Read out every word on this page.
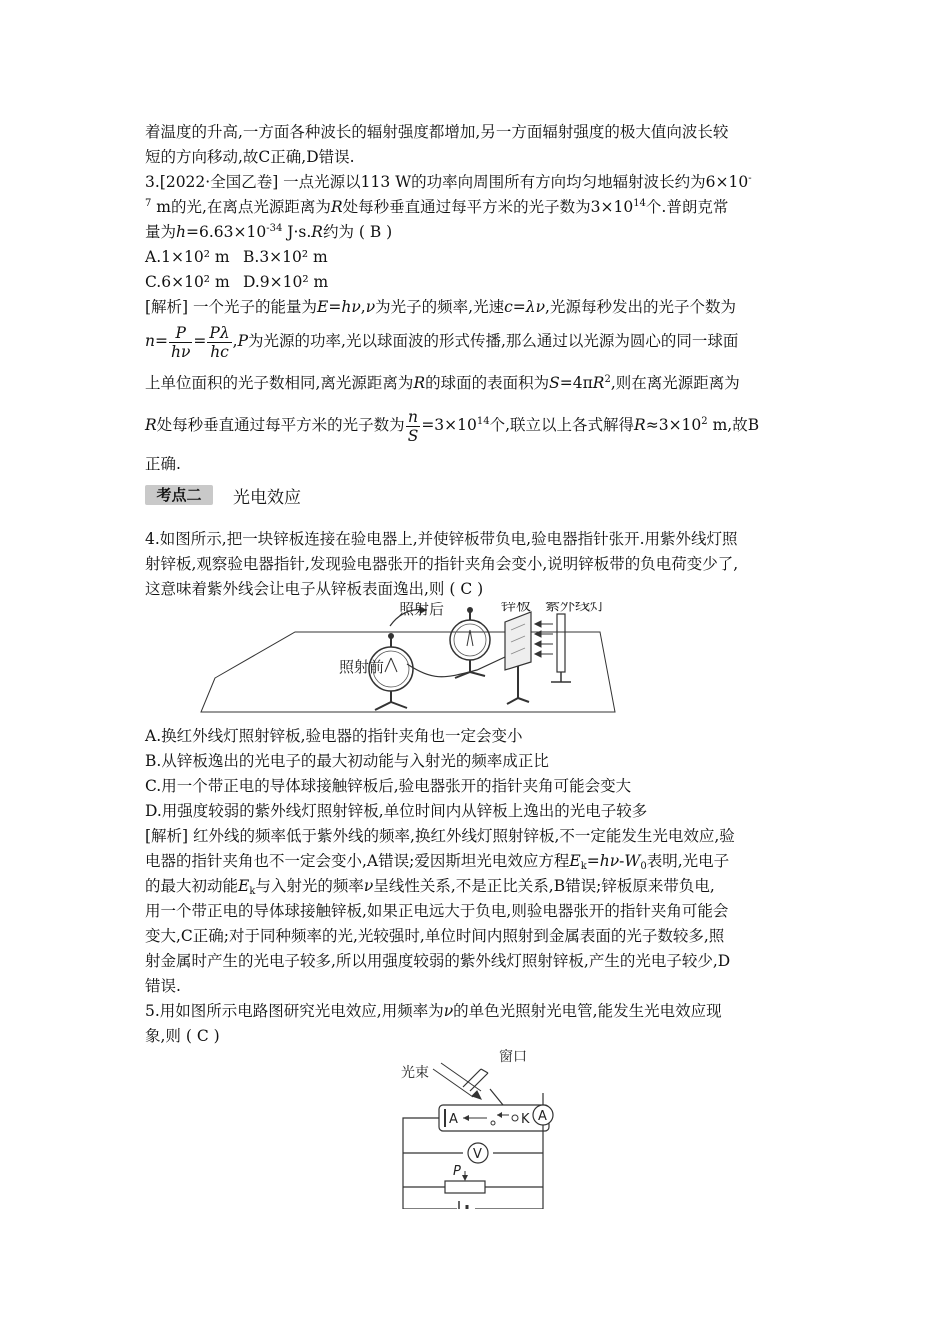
着温度的升高,一方面各种波长的辐射强度都增加,另一方面辐射强度的极大值向波长较
短的方向移动,故C正确,D错误.
3.[2022·全国乙卷] 一点光源以113 W的功率向周围所有方向均匀地辐射波长约为6×10-
$^7$ m的光,在离点光源距离为R处每秒垂直通过每平方米的光子数为$3\times 10^{14}$个.普朗克常
量为$h=6.63\times 10^{-34}$ J·s.R约为 ( B )
A.1×10² m B.3×10² m
C.6×10² m D.9×10² m
[解析] 一个光子的能量为E=hν,ν为光子的频率,光速c=λν,光源每秒发出的光子个数为
$n= \frac{P}{h\nu} = \frac{P\lambda}{hc} ,P$为光源的功率,光以球面波的形式传播,那么通过以光源为圆心的同一球面
上单位面积的光子数相同,离光源距离为R的球面的表面积为$S=4\pi R^2$,则在离光源距离为
R处每秒垂直通过每平方米的光子数为 $\frac{n}{S} =3\times 10^{14}$个,联立以上各式解得$R\approx 3\times 10^2$ m,故B
正确.
考点二	光电效应
4.如图所示,把一块锌板连接在验电器上,并使锌板带负电,验电器指针张开.用紫外线灯照
射锌板,观察验电器指针,发现验电器张开的指针夹角会变小,说明锌板带的负电荷变少了,
这意味着紫外线会让电子从锌板表面逸出,则 ( C )
照射后
照射前
锌板 紫外线灯
A.换红外线灯照射锌板,验电器的指针夹角也一定会变小
B.从锌板逸出的光电子的最大初动能与入射光的频率成正比
C.用一个带正电的导体球接触锌板后,验电器张开的指针夹角可能会变大
D.用强度较弱的紫外线灯照射锌板,单位时间内从锌板上逸出的光电子较多
[解析] 红外线的频率低于紫外线的频率,换红外线灯照射锌板,不一定能发生光电效应,验
电器的指针夹角也不一定会变小,A错误;爱因斯坦光电效应方程$E_k=h\nu-W_0$表明,光电子
的最大初动能$E_k$与入射光的频率ν呈线性关系,不是正比关系,B错误;锌板原来带负电,
用一个带正电的导体球接触锌板,如果正电远大于负电,则验电器张开的指针夹角可能会
变大,C正确;对于同种频率的光,光较强时,单位时间内照射到金属表面的光子数较多,照
射金属时产生的光电子较多,所以用强度较弱的紫外线灯照射锌板,产生的光电子较少,D
错误.
5.用如图所示电路图研究光电效应,用频率为ν的单色光照射光电管,能发生光电效应现
象,则 ( C )
A
V
P
窗口
光束
A	K
